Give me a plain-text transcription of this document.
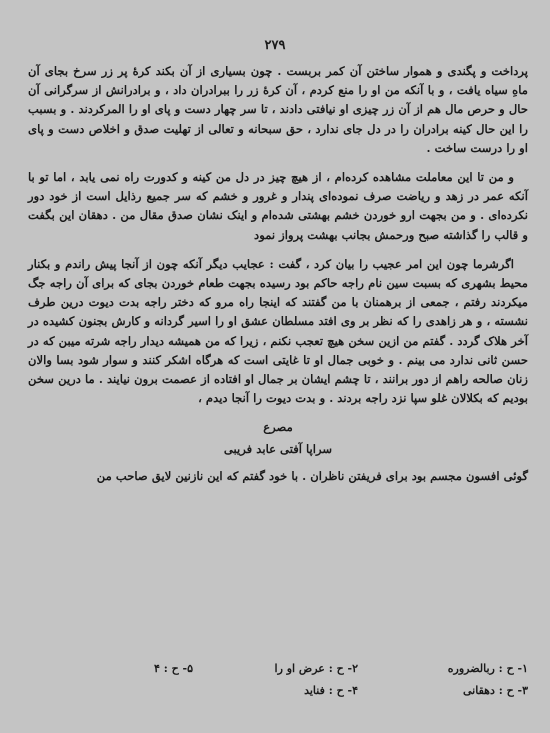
۲۷۹

پرداخت و پگندی و هموار ساختن آن کمر بربست . چون بسیاری از آن بکند کرهٔ پر زر سرخ بجای آن ماهِ سیاه یافت ، و با آنکه من او را منع کردم ، آن کرهٔ زر را ببرادران داد ، و برادرانش از سرگرانی آن حال و حرص مال هم از آن زر چیزی او نیافتی دادند ، تا سر چهار دست و پای او را المرکردند . و بسبب را این حال کینه برادران را در دل جای ندارد ، حق سبحانه و تعالی از تهلیت صدق و اخلاص دست و پای او را درست ساخت .

و من تا این معاملت مشاهده کرده‌ام ، از هیچ چیز در دل من کینه و کدورت راه نمی یابد ، اما تو با آنکه عمر در زهد و ریاضت صرف نموده‌ای پندار و غرور و خشم که سر جمیع رذایل است از خود دور نکرده‌ای . و من بجهت ارو خوردن خشم بهشتی شده‌ام و اینک نشان صدق مقال من . دهقان این بگفت و قالب را گذاشته صبح ورحمش بجانب بهشت پرواز نمود

اگرشرما چون این امر عجیب را بیان کرد ، گفت : عجایب دیگر آنکه چون از آنجا پیش راندم و بکنار محیط بشهری که بسبت سین نام راجه حاکم بود رسیده بجهت طعام خوردن بجای که برای آن راجه جگ میکردند رفتم ، جمعی از برهمنان با من گفتند که اینجا راه مرو که دختر راجه بدت دیوت درین طرف نشسته ، و هر زاهدی را که نظر بر وی افتد مسلطان عشق او را اسیر گردانه و کارش بجنون کشیده در آخر هلاک گردد . گفتم من ازین سخن هیچ تعجب نکنم ، زیرا که من همیشه دیدار راجه شرته میبن که در حسن ثانی ندارد می بینم . و خوبی جمال او تا غایتی است که هرگاه اشکر کنند و سوار شود بسا والان زنان صالحه راهم از دور برانند ، تا چشم ایشان بر جمال او افتاده از عصمت برون نیایند . ما درین سخن بودیم که بکلالان غلو سپا نزد راجه بردند . و بدت دیوت را آنجا دیدم ،

مصرع
سراپا آفتی عابد فریبی

گوئی افسون مجسم بود برای فریفتن ناظران . با خود گفتم که این نازنین لایق صاحب من

۱- ح : ربالضروره
۲- ح : عرض او را
۵- ح : ۴
۳- ح : دهقانی
۴- ح : فناید
